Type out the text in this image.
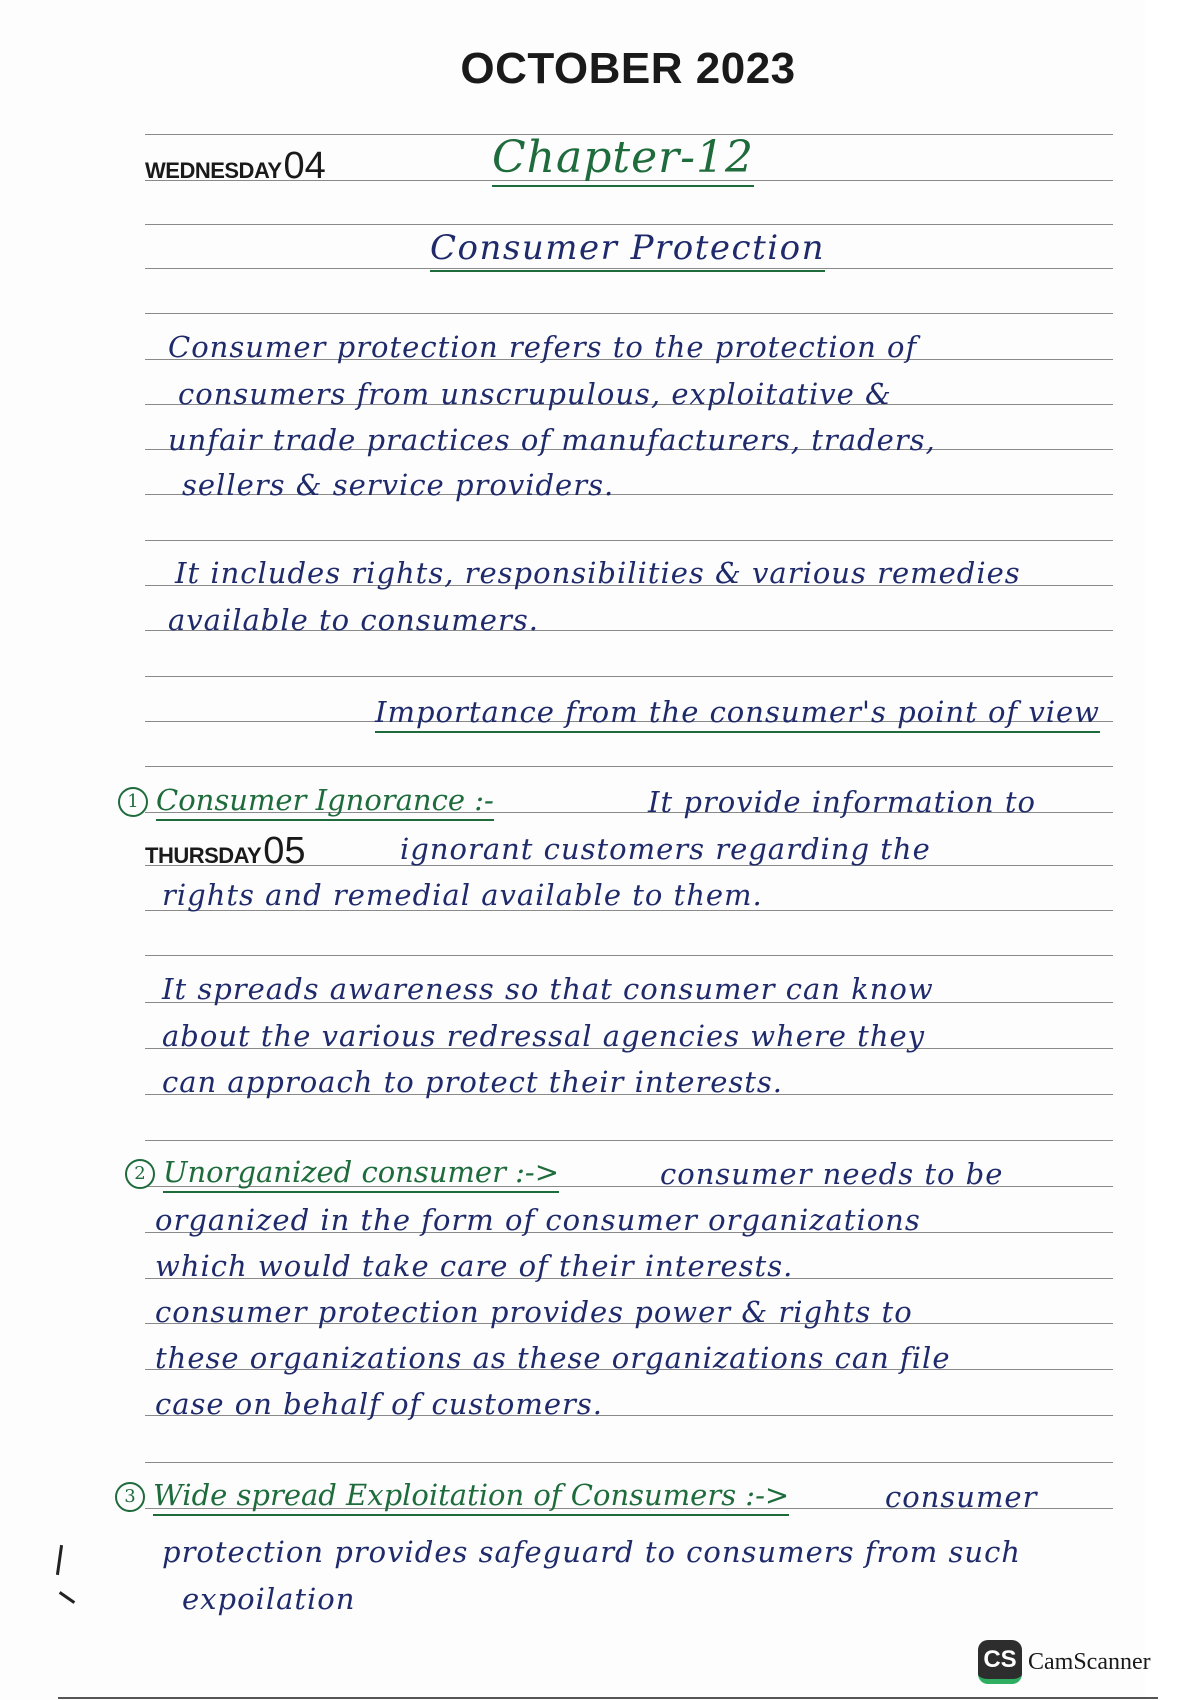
OCTOBER 2023
WEDNESDAY04
THURSDAY05
Chapter-12
Consumer Protection
Consumer protection refers to the protection of
consumers from unscrupulous, exploitative &
unfair trade practices of manufacturers, traders,
sellers & service providers.
It includes rights, responsibilities & various remedies
available to consumers.
Importance from the consumer's point of view
1 Consumer Ignorance :-	It provide information to
ignorant customers regarding the
rights and remedial available to them.
It spreads awareness so that consumer can know
about the various redressal agencies where they
can approach to protect their interests.
2 Unorganized consumer :->	consumer needs to be
organized in the form of consumer organizations
which would take care of their interests.
consumer protection provides power & rights to
these organizations as these organizations can file
case on behalf of customers.
3 Wide spread Exploitation of Consumers :->	consumer
protection provides safeguard to consumers from such
expoilation
CS CamScanner
